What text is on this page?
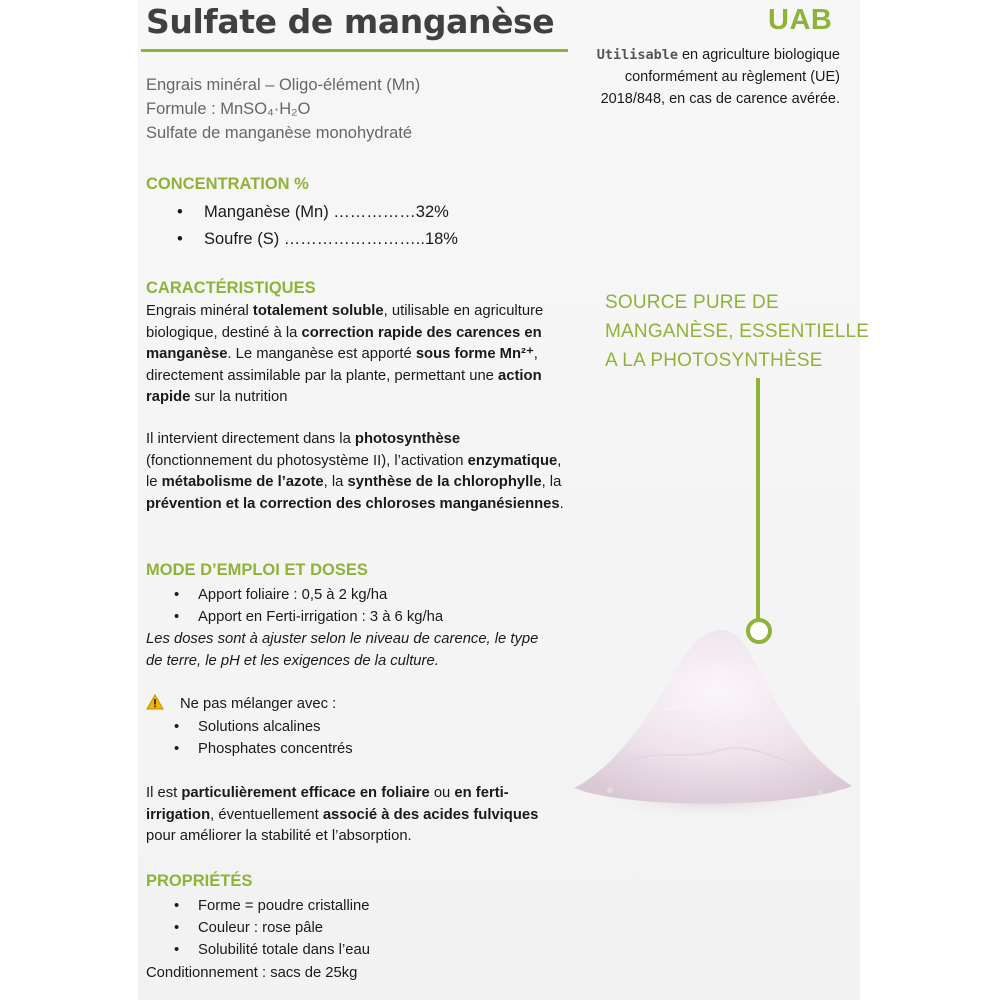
Sulfate de manganèse	UAB
Utilisable en agriculture biologique
conformément au règlement (UE)
2018/848, en cas de carence avérée.
Engrais minéral – Oligo-élément (Mn)
Formule : MnSO₄·H₂O
Sulfate de manganèse monohydraté
CONCENTRATION %
• Manganèse (Mn) ……………32%
• Soufre (S) ……………………..18%
CARACTÉRISTIQUES

Engrais minéral totalement soluble, utilisable en agriculture biologique, destiné à la correction rapide des carences en manganèse. Le manganèse est apporté sous forme Mn²⁺, directement assimilable par la plante, permettant une action rapide sur la nutrition

Il intervient directement dans la photosynthèse (fonctionnement du photosystème II), l’activation enzymatique, le métabolisme de l’azote, la synthèse de la chlorophylle, la prévention et la correction des chloroses manganésiennes.

MODE D’EMPLOI ET DOSES
• Apport foliaire : 0,5 à 2 kg/ha
• Apport en Ferti-irrigation : 3 à 6 kg/ha

Les doses sont à ajuster selon le niveau de carence, le type de terre, le pH et les exigences de la culture.

Ne pas mélanger avec :
• Solutions alcalines
• Phosphates concentrés

Il est particulièrement efficace en foliaire ou en ferti-irrigation, éventuellement associé à des acides fulviques pour améliorer la stabilité et l’absorption.

PROPRIÉTÉS
• Forme = poudre cristalline
• Couleur : rose pâle
• Solubilité totale dans l’eau
Conditionnement : sacs de 25kg
SOURCE PURE DE
MANGANÈSE, ESSENTIELLE
A LA PHOTOSYNTHÈSE
